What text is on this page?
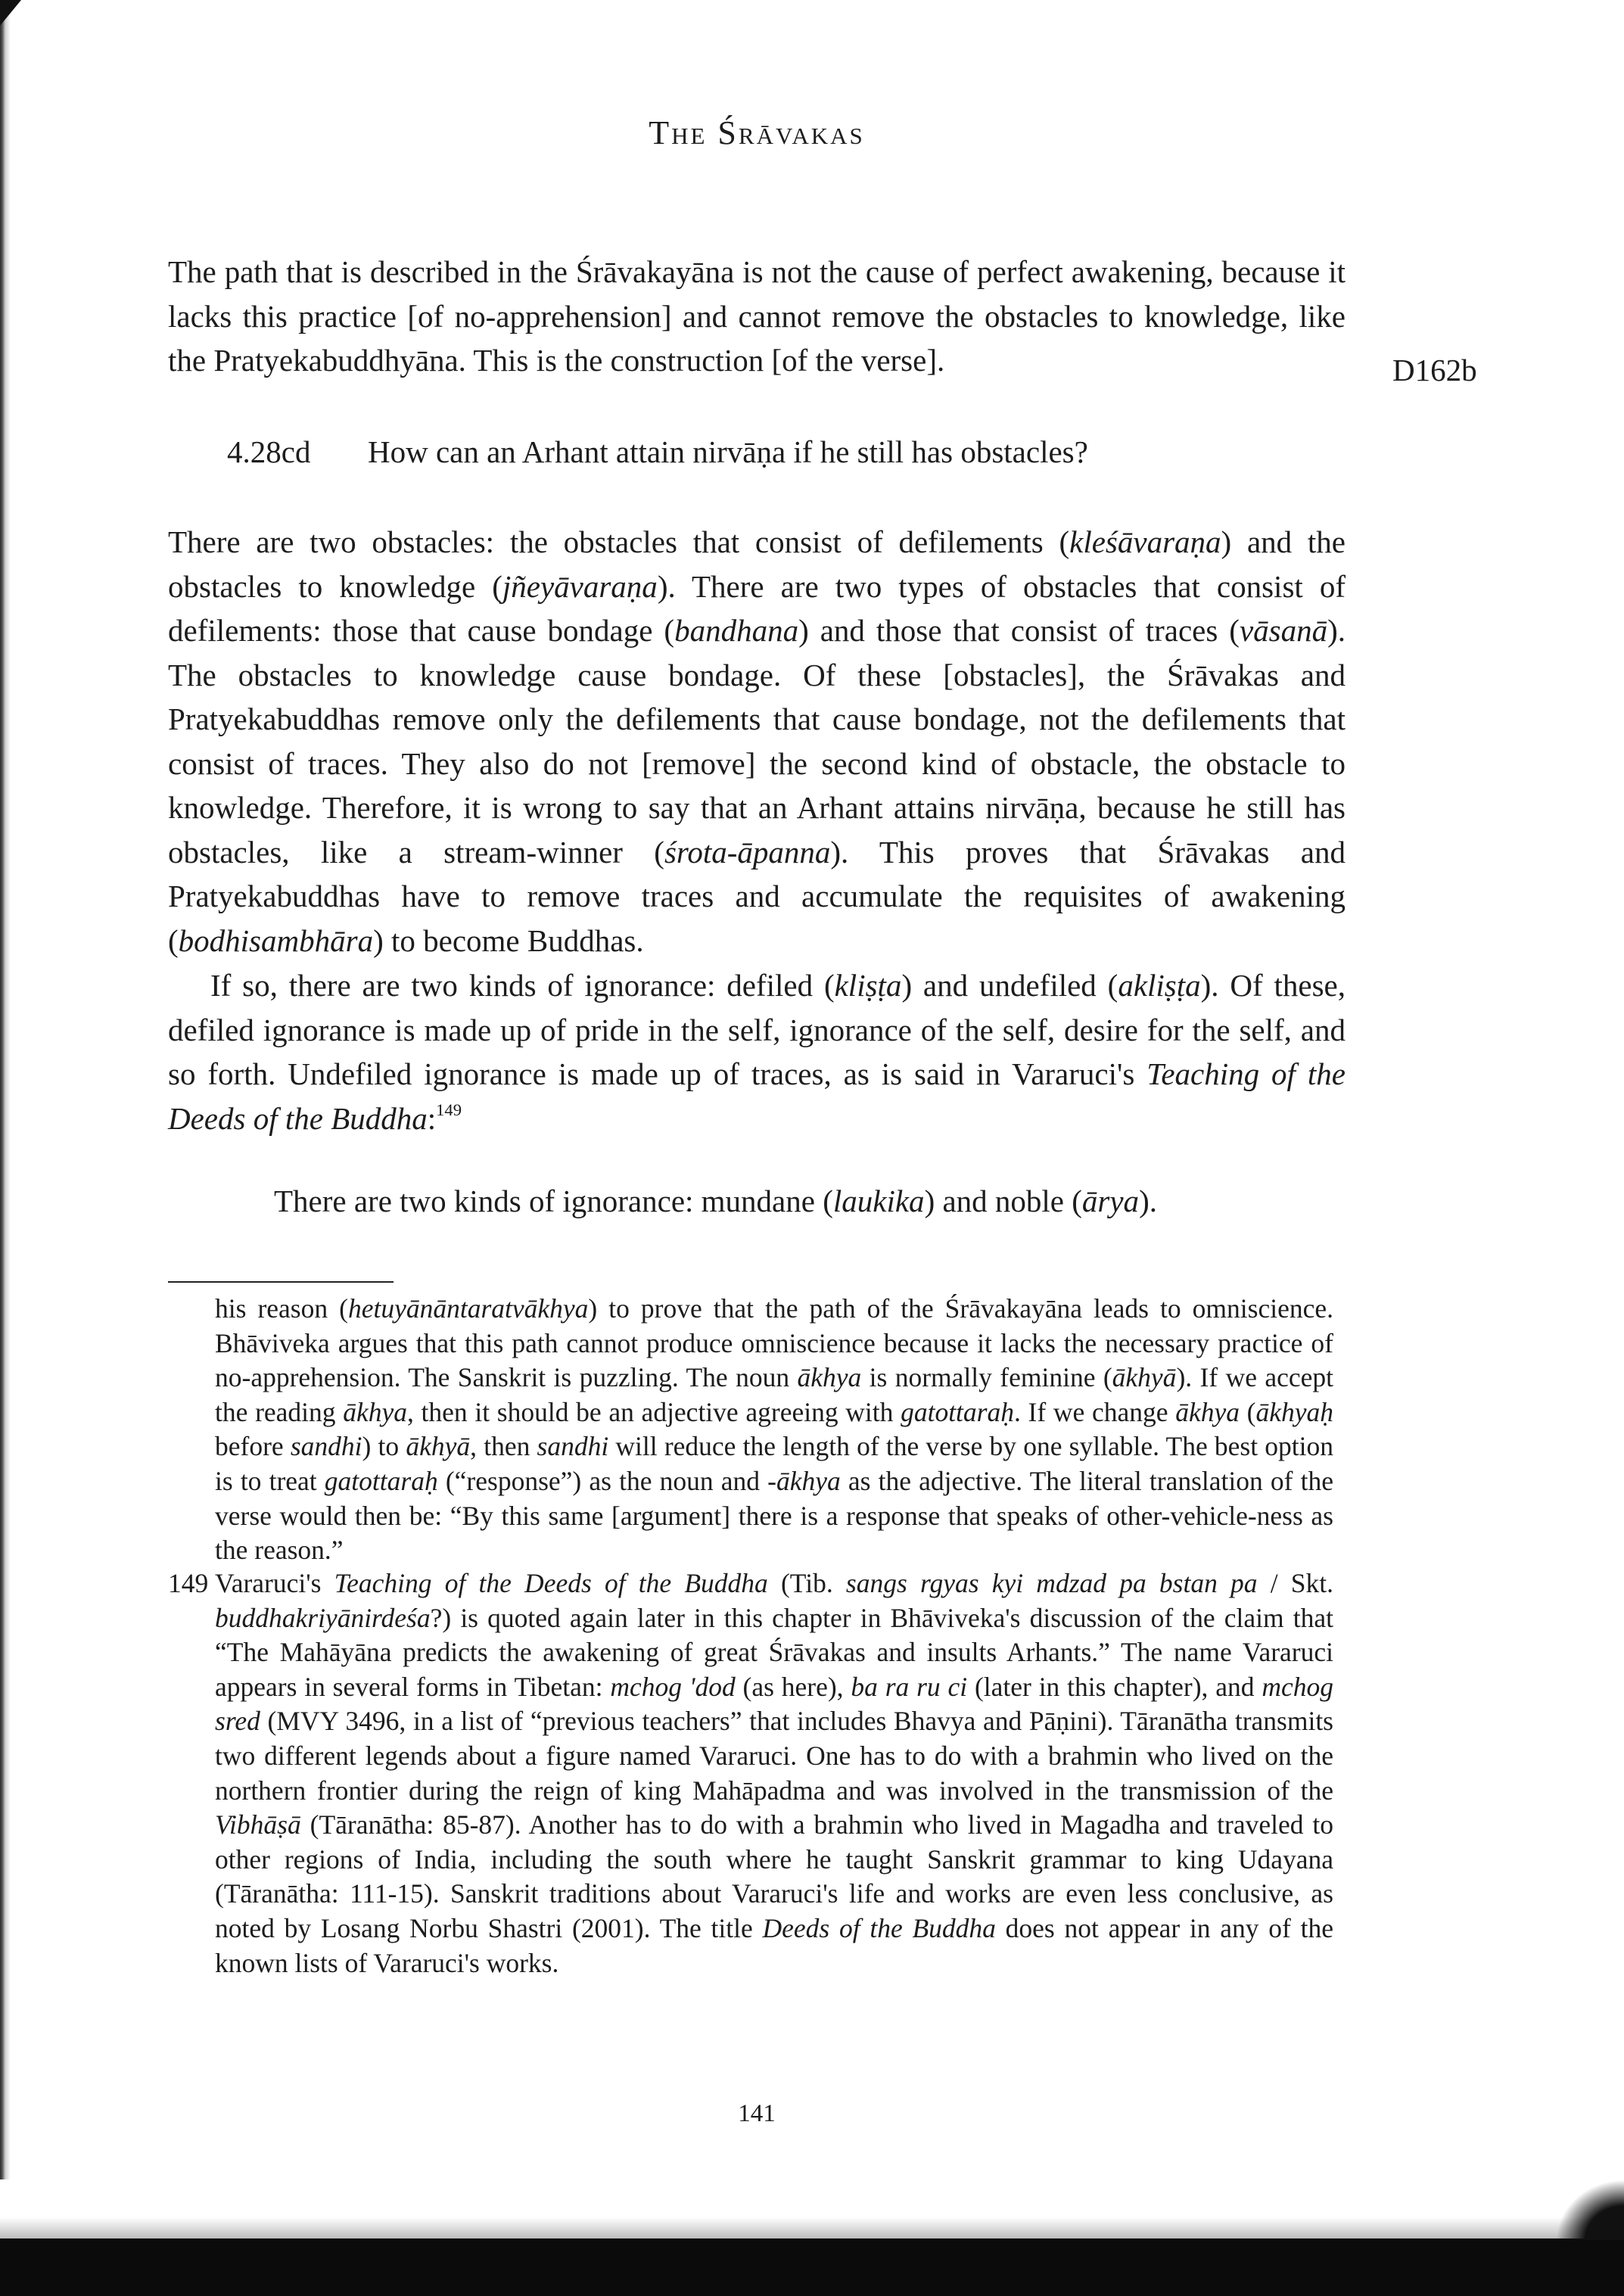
The Śrāvakas
D162b

The path that is described in the Śrāvakayāna is not the cause of perfect awakening, because it lacks this practice [of no-apprehension] and cannot remove the obstacles to knowledge, like the Pratyekabuddhyāna. This is the construction [of the verse].

4.28cd How can an Arhant attain nirvāṇa if he still has obstacles?

There are two obstacles: the obstacles that consist of defilements (kleśāvaraṇa) and the obstacles to knowledge (jñeyāvaraṇa). There are two types of obstacles that consist of defilements: those that cause bondage (bandhana) and those that consist of traces (vāsanā). The obstacles to knowledge cause bondage. Of these [obstacles], the Śrāvakas and Pratyekabuddhas remove only the defilements that cause bondage, not the defilements that consist of traces. They also do not [remove] the second kind of obstacle, the obstacle to knowledge. Therefore, it is wrong to say that an Arhant attains nirvāṇa, because he still has obstacles, like a stream-winner (śrota-āpanna). This proves that Śrāvakas and Pratyekabuddhas have to remove traces and accumulate the requisites of awakening (bodhisambhāra) to become Buddhas.

If so, there are two kinds of ignorance: defiled (kliṣṭa) and undefiled (akliṣṭa). Of these, defiled ignorance is made up of pride in the self, ignorance of the self, desire for the self, and so forth. Undefiled ignorance is made up of traces, as is said in Vararuci's Teaching of the Deeds of the Buddha:$^{149}$

There are two kinds of ignorance: mundane (laukika) and noble (ārya).

his reason (hetuyānāntaratvākhya) to prove that the path of the Śrāvakayāna leads to omniscience. Bhāviveka argues that this path cannot produce omniscience because it lacks the necessary practice of no-apprehension. The Sanskrit is puzzling. The noun ākhya is normally feminine (ākhyā). If we accept the reading ākhya, then it should be an adjective agreeing with gatottaraḥ. If we change ākhya (ākhyaḥ before sandhi) to ākhyā, then sandhi will reduce the length of the verse by one syllable. The best option is to treat gatottaraḥ (“response”) as the noun and -ākhya as the adjective. The literal translation of the verse would then be: “By this same [argument] there is a response that speaks of other-vehicle-ness as the reason.”

149 Vararuci's Teaching of the Deeds of the Buddha (Tib. sangs rgyas kyi mdzad pa bstan pa / Skt. buddhakriyānirdeśa?) is quoted again later in this chapter in Bhāviveka's discussion of the claim that “The Mahāyāna predicts the awakening of great Śrāvakas and insults Arhants.” The name Vararuci appears in several forms in Tibetan: mchog 'dod (as here), ba ra ru ci (later in this chapter), and mchog sred (MVY 3496, in a list of “previous teachers” that includes Bhavya and Pāṇini). Tāranātha transmits two different legends about a figure named Vararuci. One has to do with a brahmin who lived on the northern frontier during the reign of king Mahāpadma and was involved in the transmission of the Vibhāṣā (Tāranātha: 85-87). Another has to do with a brahmin who lived in Magadha and traveled to other regions of India, including the south where he taught Sanskrit grammar to king Udayana (Tāranātha: 111-15). Sanskrit traditions about Vararuci's life and works are even less conclusive, as noted by Losang Norbu Shastri (2001). The title Deeds of the Buddha does not appear in any of the known lists of Vararuci's works.

141
